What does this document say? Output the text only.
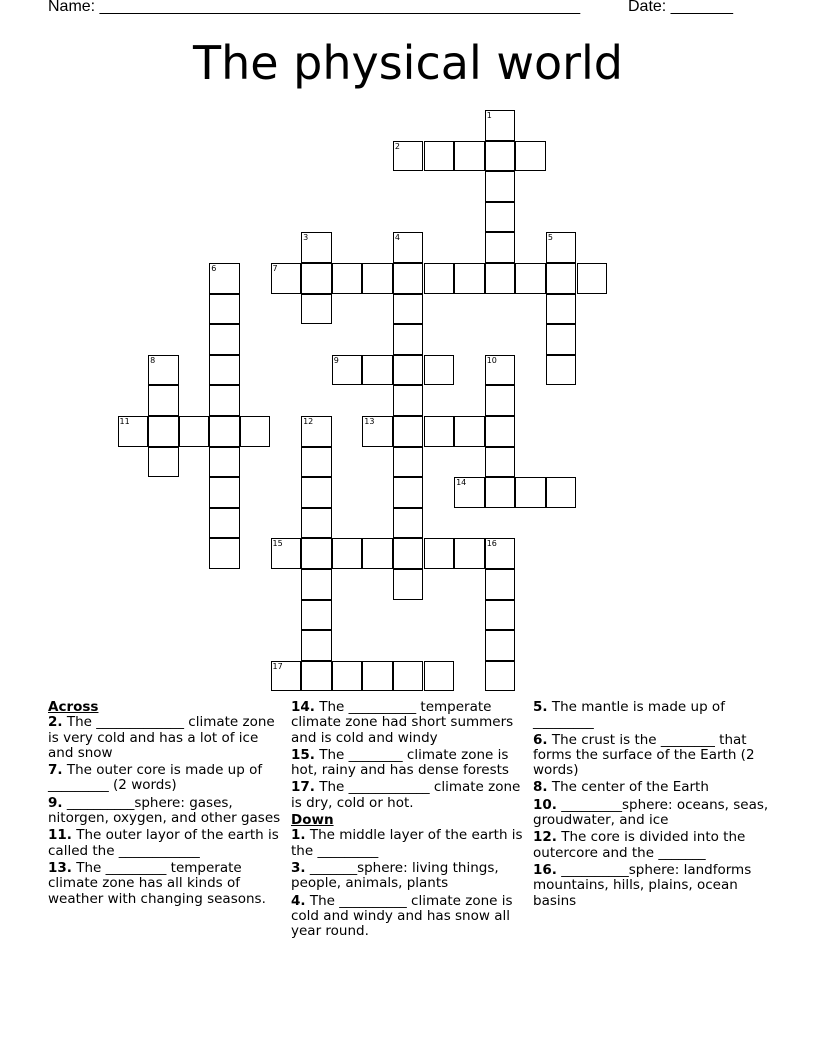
Name: ______________________________________________________	Date: _______
The physical world
1
2
3	4	5
6	7
8	9	10
11	12	13
14
15	16
17
Across
2. The _____________ climate zone is very cold and has a lot of ice and snow
7. The outer core is made up of _________ (2 words)
9. __________sphere: gases, nitorgen, oxygen, and other gases
11. The outer layor of the earth is called the ____________
13. The _________ temperate climate zone has all kinds of weather with changing seasons.
14. The __________ temperate climate zone had short summers and is cold and windy
15. The ________ climate zone is hot, rainy and has dense forests
17. The ____________ climate zone is dry, cold or hot.
Down
1. The middle layer of the earth is the _________
3. _______sphere: living things, people, animals, plants
4. The __________ climate zone is cold and windy and has snow all year round.
5. The mantle is made up of _________
6. The crust is the ________ that forms the surface of the Earth (2 words)
8. The center of the Earth
10. _________sphere: oceans, seas, groudwater, and ice
12. The core is divided into the outercore and the _______
16. __________sphere: landforms mountains, hills, plains, ocean basins
